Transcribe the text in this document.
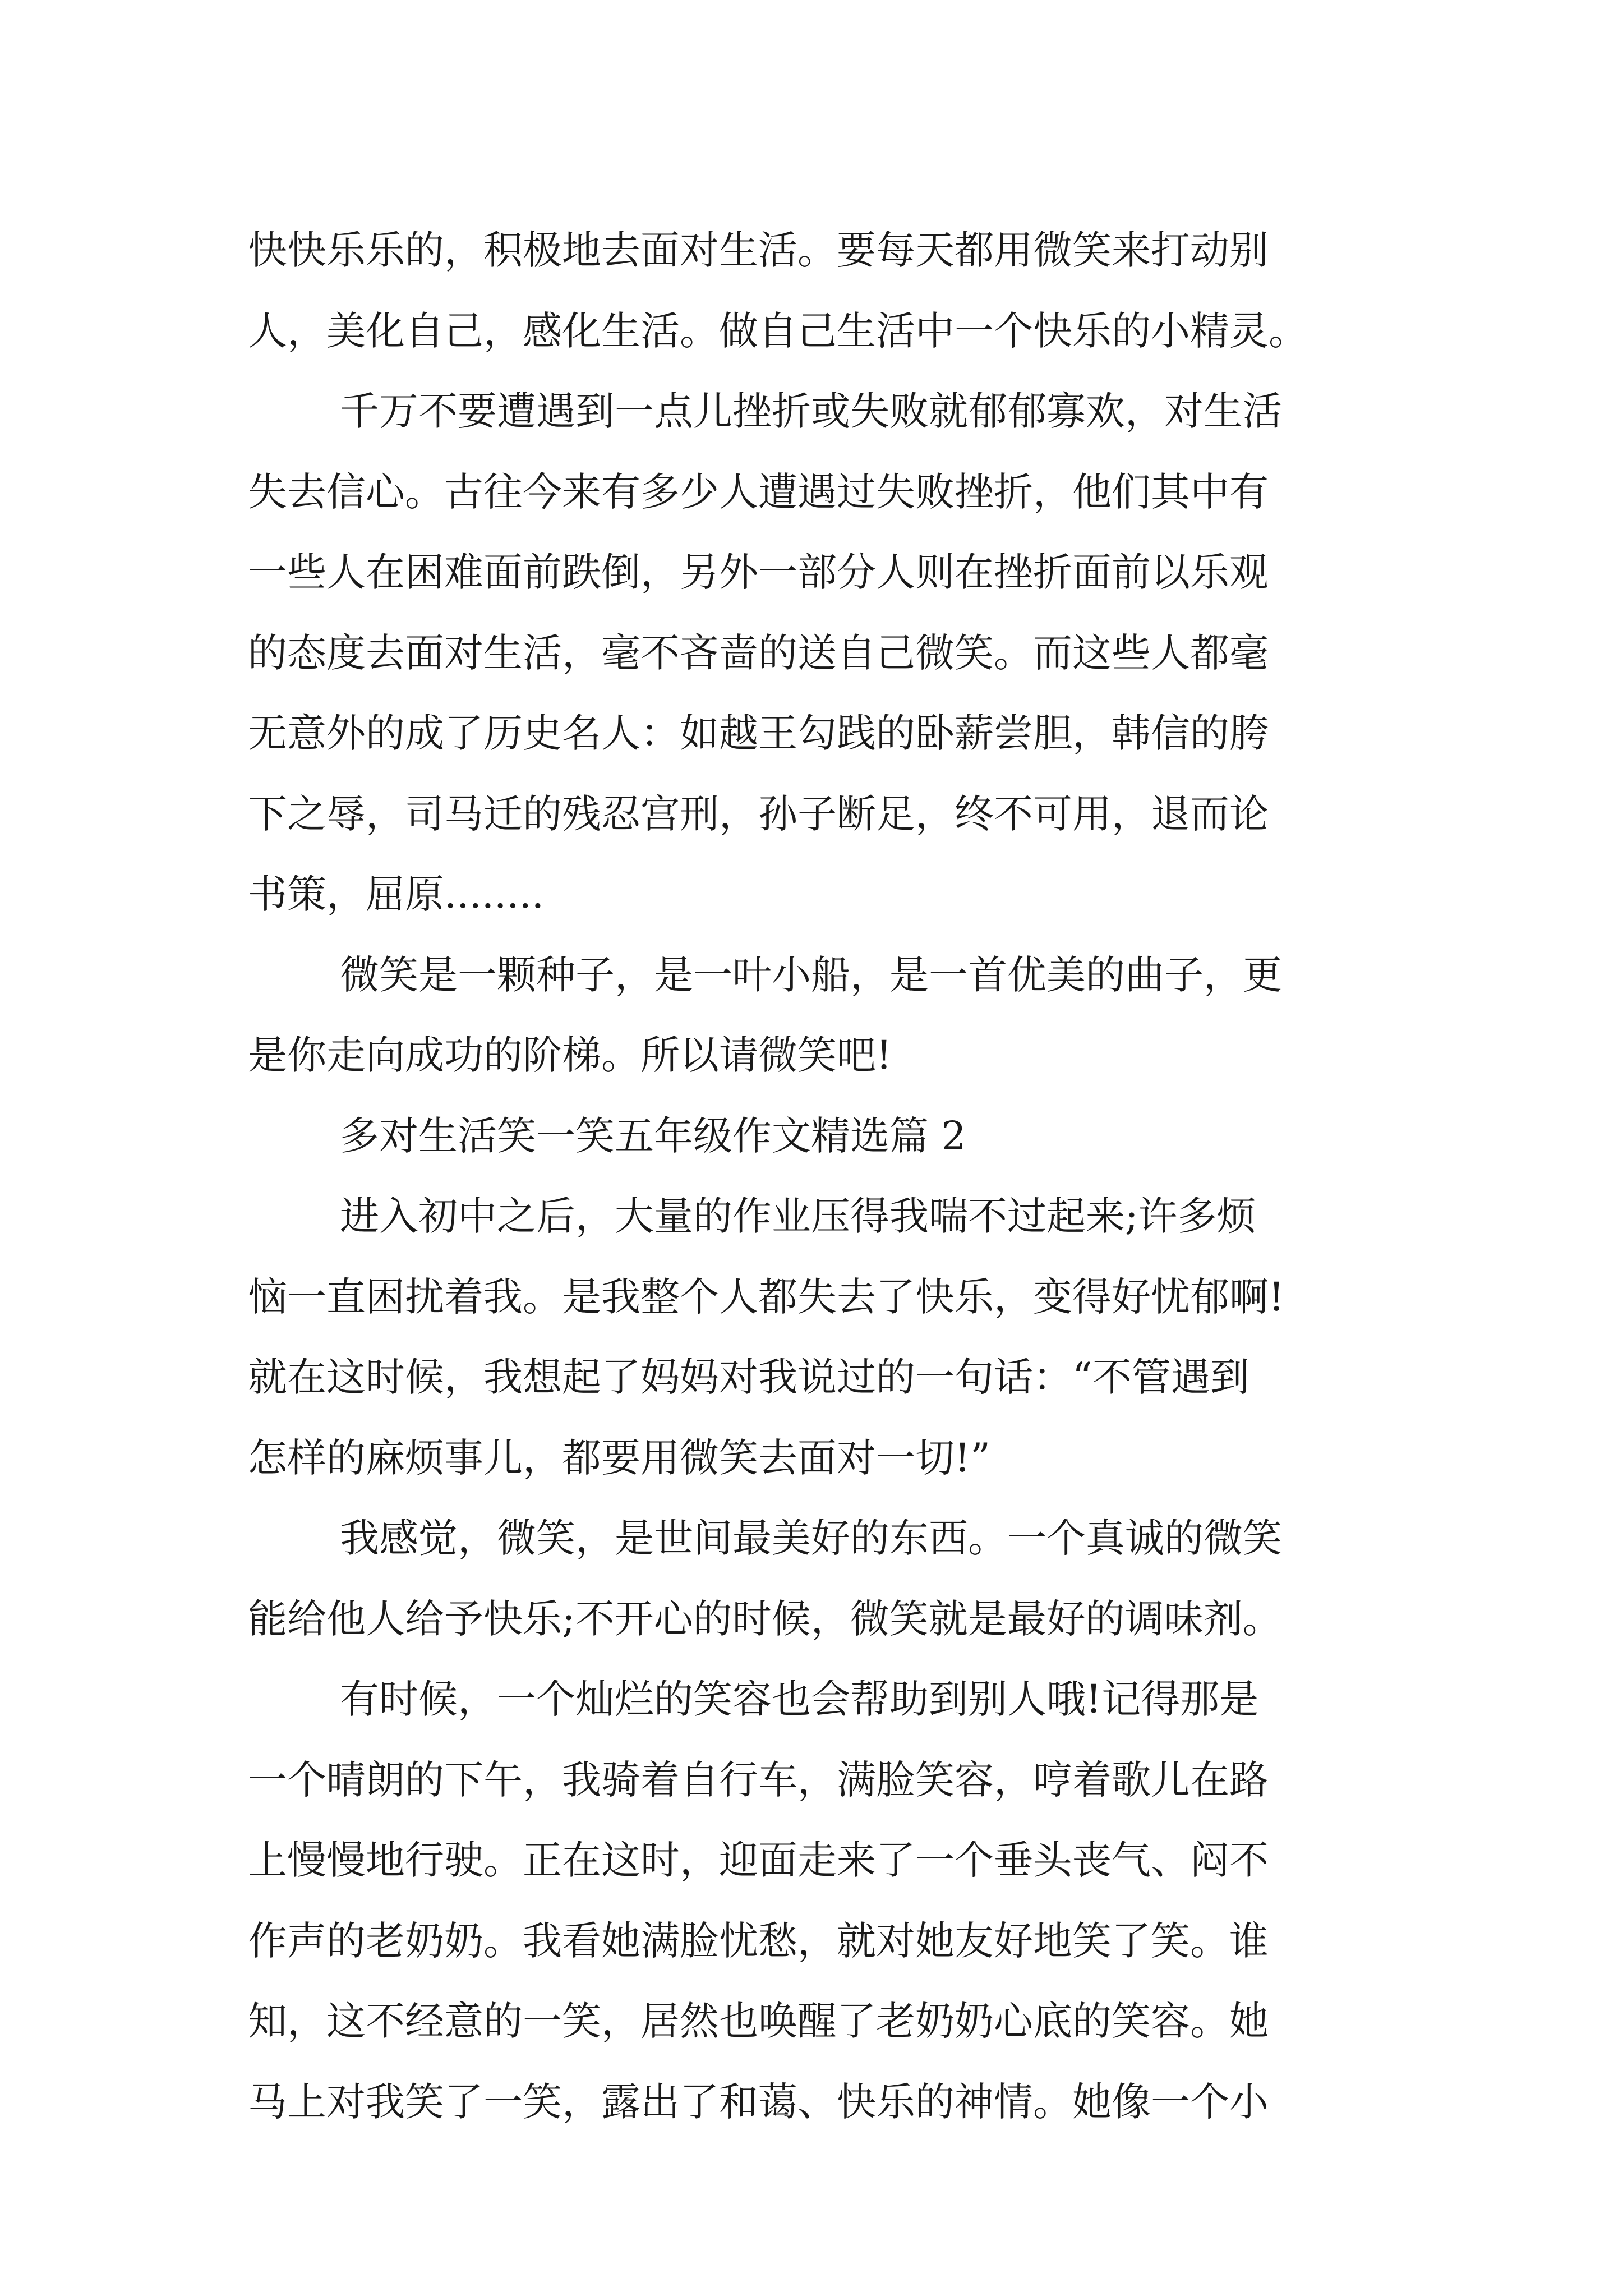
快快乐乐的，积极地去面对生活。要每天都用微笑来打动别
人，美化自己，感化生活。做自己生活中一个快乐的小精灵。
千万不要遭遇到一点儿挫折或失败就郁郁寡欢，对生活
失去信心。古往今来有多少人遭遇过失败挫折，他们其中有
一些人在困难面前跌倒，另外一部分人则在挫折面前以乐观
的态度去面对生活，毫不吝啬的送自己微笑。而这些人都毫
无意外的成了历史名人：如越王勾践的卧薪尝胆，韩信的胯
下之辱，司马迁的残忍宫刑，孙子断足，终不可用，退而论
书策，屈原........
微笑是一颗种子，是一叶小船，是一首优美的曲子，更
是你走向成功的阶梯。所以请微笑吧!
多对生活笑一笑五年级作文精选篇 2
进入初中之后，大量的作业压得我喘不过起来;许多烦
恼一直困扰着我。是我整个人都失去了快乐，变得好忧郁啊!
就在这时候，我想起了妈妈对我说过的一句话：“不管遇到
怎样的麻烦事儿，都要用微笑去面对一切!”
我感觉，微笑，是世间最美好的东西。一个真诚的微笑
能给他人给予快乐;不开心的时候，微笑就是最好的调味剂。
有时候，一个灿烂的笑容也会帮助到别人哦!记得那是
一个晴朗的下午，我骑着自行车，满脸笑容，哼着歌儿在路
上慢慢地行驶。正在这时，迎面走来了一个垂头丧气、闷不
作声的老奶奶。我看她满脸忧愁，就对她友好地笑了笑。谁
知，这不经意的一笑，居然也唤醒了老奶奶心底的笑容。她
马上对我笑了一笑，露出了和蔼、快乐的神情。她像一个小
